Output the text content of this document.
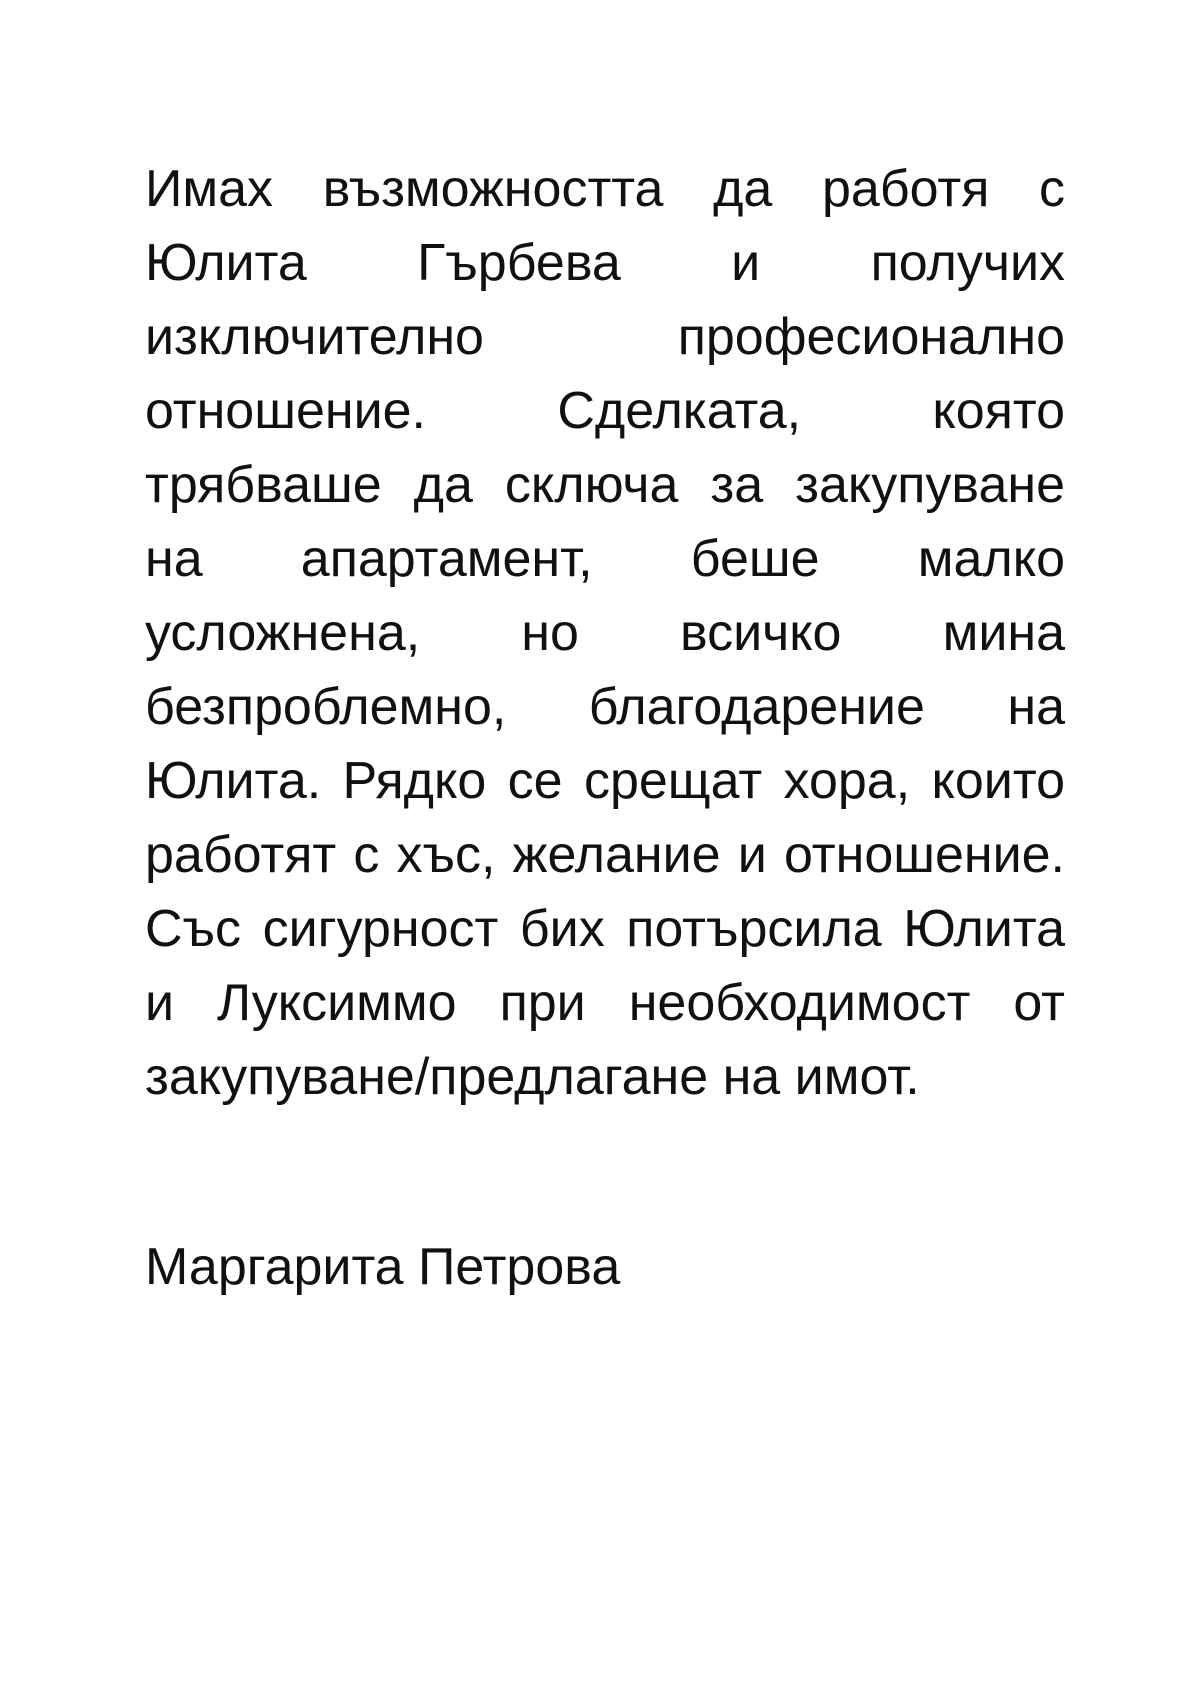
Имах възможността да работя с Юлита Гърбева и получих изключително професионално отношение. Сделката, която трябваше да сключа за закупуване на апартамент, беше малко усложнена, но всичко мина безпроблемно, благодарение на Юлита. Рядко се срещат хора, които работят с хъс, желание и отношение. Със сигурност бих потърсила Юлита и Луксиммо при необходимост от закупуване/предлагане на имот.

Маргарита Петрова
